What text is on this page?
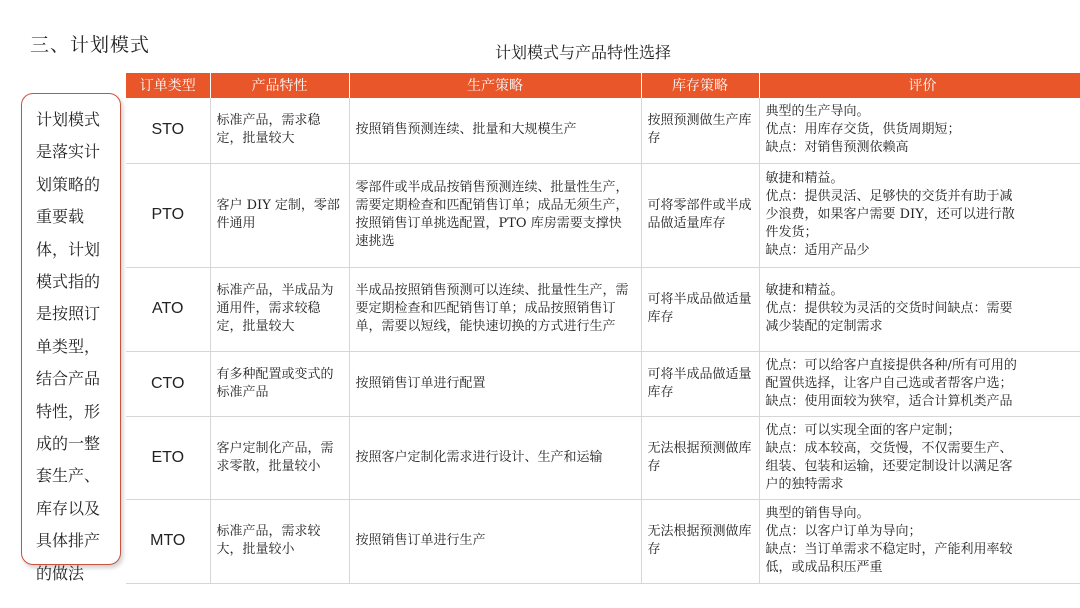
三、计划模式	计划模式与产品特性选择
计划模式是落实计划策略的重要载体，计划模式指的是按照订单类型，结合产品特性，形成的一整套生产、库存以及具体排产的做法
订单类型	产品特性	生产策略	库存策略	评价
STO	标准产品，需求稳定，批量较大	按照销售预测连续、批量和大规模生产	按照预测做生产库存	典型的生产导向。
优点：用库存交货，供货周期短；
缺点：对销售预测依赖高

PTO	客户 DIY 定制，零部件通用	零部件或半成品按销售预测连续、批量性生产，需要定期检查和匹配销售订单；成品无须生产，按照销售订单挑选配置，PTO 库房需要支撑快速挑选	可将零部件或半成品做适量库存	敏捷和精益。
优点：提供灵活、足够快的交货并有助于减
少浪费，如果客户需要 DIY，还可以进行散
件发货；
缺点：适用产品少

ATO	标准产品，半成品为通用件，需求较稳定，批量较大	半成品按照销售预测可以连续、批量性生产，需要定期检查和匹配销售订单；成品按照销售订单，需要以短线，能快速切换的方式进行生产	可将半成品做适量库存	敏捷和精益。
优点：提供较为灵活的交货时间缺点：需要
减少装配的定制需求

CTO	有多种配置或变式的标准产品	按照销售订单进行配置	可将半成品做适量库存	优点：可以给客户直接提供各种/所有可用的
配置供选择，让客户自己选或者帮客户选；
缺点：使用面较为狭窄，适合计算机类产品

ETO	客户定制化产品，需求零散，批量较小	按照客户定制化需求进行设计、生产和运输	无法根据预测做库存	优点：可以实现全面的客户定制；
缺点：成本较高，交货慢，不仅需要生产、
组装、包装和运输，还要定制设计以满足客
户的独特需求

MTO	标准产品，需求较大，批量较小	按照销售订单进行生产	无法根据预测做库存	典型的销售导向。
优点：以客户订单为导向；
缺点：当订单需求不稳定时，产能利用率较
低，或成品积压严重
